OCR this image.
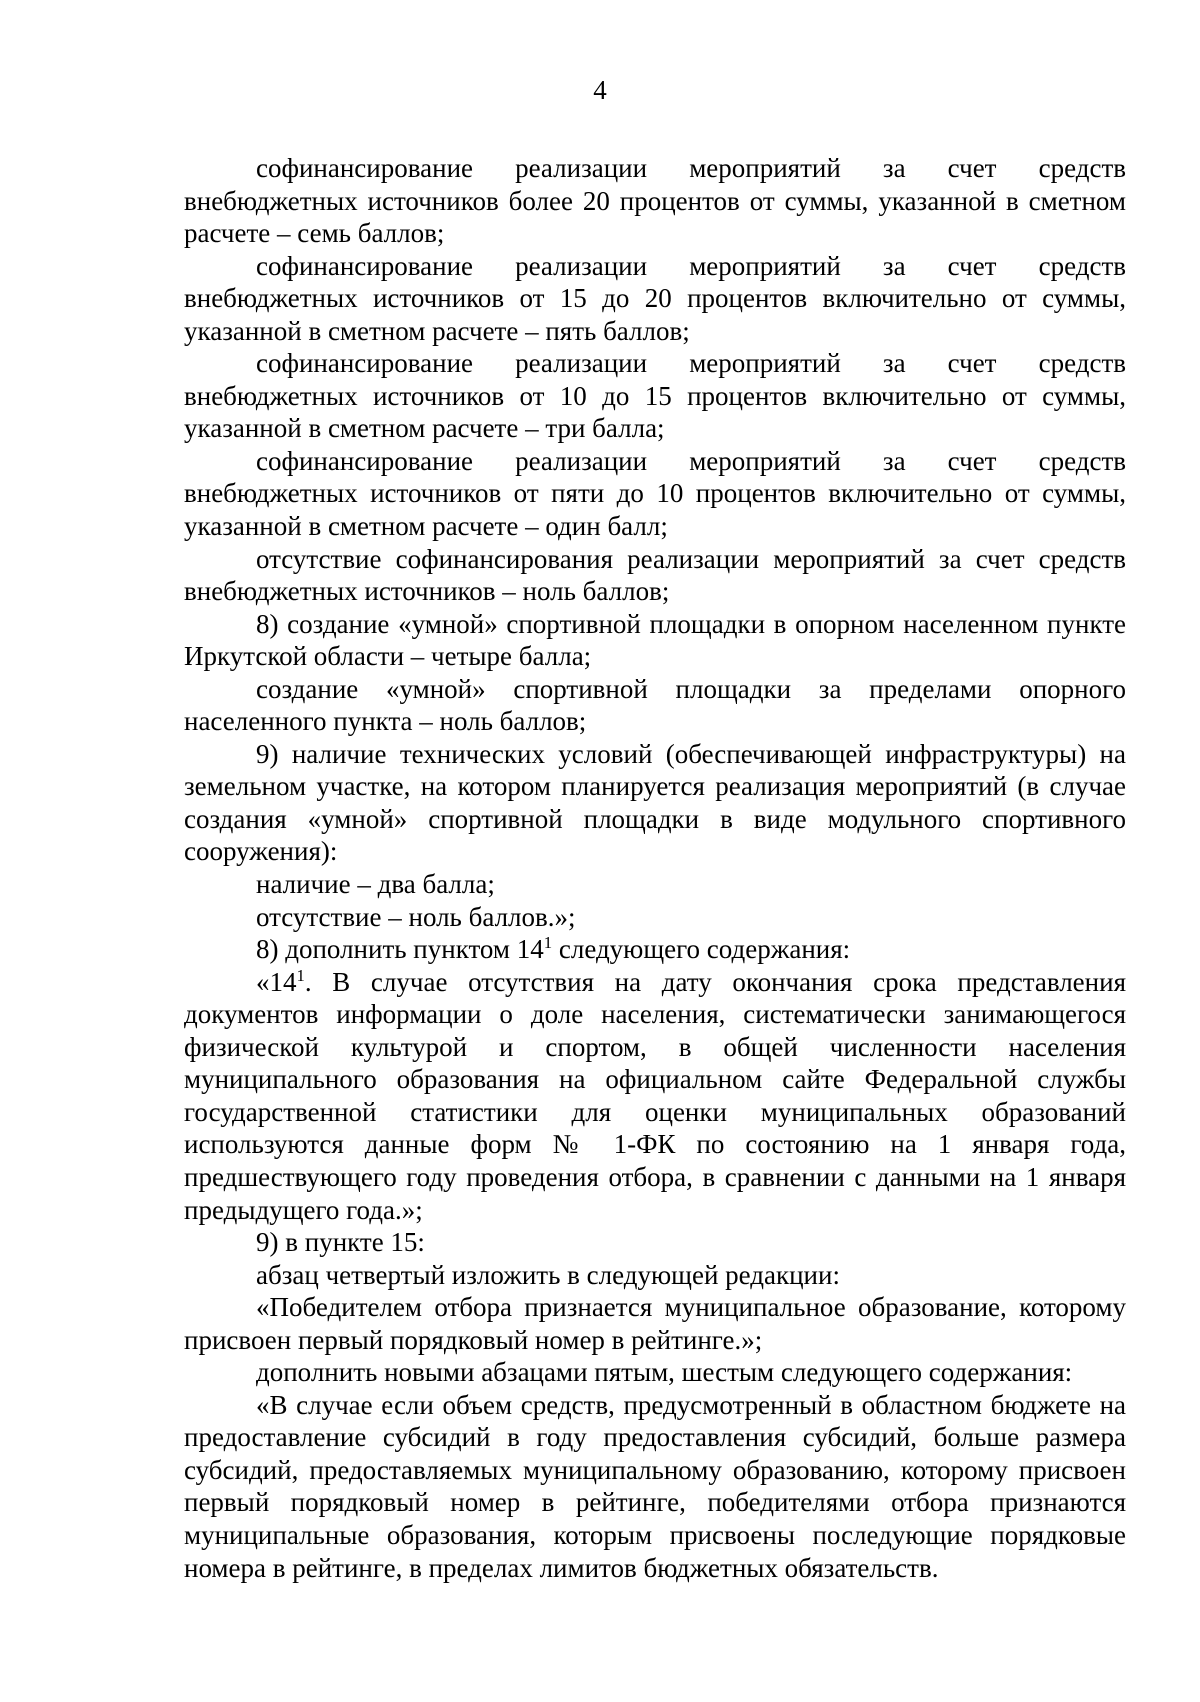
4

софинансирование реализации мероприятий за счет средств внебюджетных источников более 20 процентов от суммы, указанной в сметном расчете – семь баллов;

софинансирование реализации мероприятий за счет средств внебюджетных источников от 15 до 20 процентов включительно от суммы, указанной в сметном расчете – пять баллов;

софинансирование реализации мероприятий за счет средств внебюджетных источников от 10 до 15 процентов включительно от суммы, указанной в сметном расчете – три балла;

софинансирование реализации мероприятий за счет средств внебюджетных источников от пяти до 10 процентов включительно от суммы, указанной в сметном расчете – один балл;

отсутствие софинансирования реализации мероприятий за счет средств внебюджетных источников – ноль баллов;

8) создание «умной» спортивной площадки в опорном населенном пункте Иркутской области – четыре балла;

создание «умной» спортивной площадки за пределами опорного населенного пункта – ноль баллов;

9) наличие технических условий (обеспечивающей инфраструктуры) на земельном участке, на котором планируется реализация мероприятий (в случае создания «умной» спортивной площадки в виде модульного спортивного сооружения):

наличие – два балла;

отсутствие – ноль баллов.»;

8) дополнить пунктом $14^1$ следующего содержания:

«$14^1$. В случае отсутствия на дату окончания срока представления документов информации о доле населения, систематически занимающегося физической культурой и спортом, в общей численности населения муниципального образования на официальном сайте Федеральной службы государственной статистики для оценки муниципальных образований используются данные форм № 1-ФК по состоянию на 1 января года, предшествующего году проведения отбора, в сравнении с данными на 1 января предыдущего года.»;

9) в пункте 15:

абзац четвертый изложить в следующей редакции:

«Победителем отбора признается муниципальное образование, которому присвоен первый порядковый номер в рейтинге.»;

дополнить новыми абзацами пятым, шестым следующего содержания:

«В случае если объем средств, предусмотренный в областном бюджете на предоставление субсидий в году предоставления субсидий, больше размера субсидий, предоставляемых муниципальному образованию, которому присвоен первый порядковый номер в рейтинге, победителями отбора признаются муниципальные образования, которым присвоены последующие порядковые номера в рейтинге, в пределах лимитов бюджетных обязательств.
